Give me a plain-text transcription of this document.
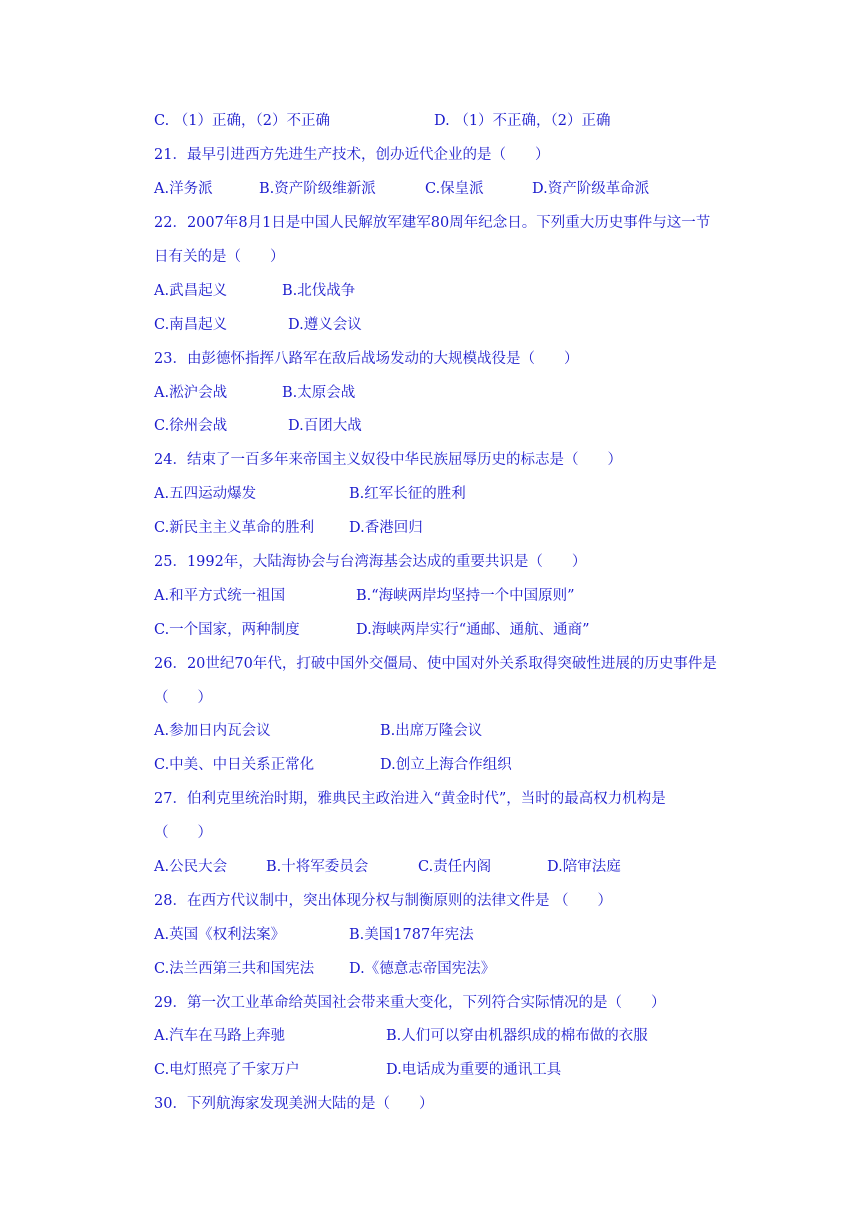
C. （1）正确，（2）不正确	D. （1）不正确，（2）正确
21．最早引进西方先进生产技术，创办近代企业的是（　　）
A.洋务派	B.资产阶级维新派	C.保皇派	D.资产阶级革命派
22．2007年8月1日是中国人民解放军建军80周年纪念日。下列重大历史事件与这一节
日有关的是（　　）
A.武昌起义	B.北伐战争
C.南昌起义	D.遵义会议
23．由彭德怀指挥八路军在敌后战场发动的大规模战役是（　　）
A.淞沪会战	B.太原会战
C.徐州会战	D.百团大战
24．结束了一百多年来帝国主义奴役中华民族屈辱历史的标志是（　　）
A.五四运动爆发	B.红军长征的胜利
C.新民主主义革命的胜利 D.香港回归
25．1992年，大陆海协会与台湾海基会达成的重要共识是（　　）
A.和平方式统一祖国	B.“海峡两岸均坚持一个中国原则”
C.一个国家，两种制度	D.海峡两岸实行“通邮、通航、通商”
26．20世纪70年代，打破中国外交僵局、使中国对外关系取得突破性进展的历史事件是
（　　）
A.参加日内瓦会议	B.出席万隆会议
C.中美、中日关系正常化	D.创立上海合作组织
27．伯利克里统治时期，雅典民主政治进入“黄金时代”，当时的最高权力机构是
（　　）
A.公民大会	B.十将军委员会	C.责任内阁	D.陪审法庭
28．在西方代议制中，突出体现分权与制衡原则的法律文件是 （　　）
A.英国《权利法案》	B.美国1787年宪法
C.法兰西第三共和国宪法 D.《德意志帝国宪法》
29．第一次工业革命给英国社会带来重大变化，下列符合实际情况的是（　　）
A.汽车在马路上奔驰	B.人们可以穿由机器织成的棉布做的衣服
C.电灯照亮了千家万户	D.电话成为重要的通讯工具
30．下列航海家发现美洲大陆的是（　　）
